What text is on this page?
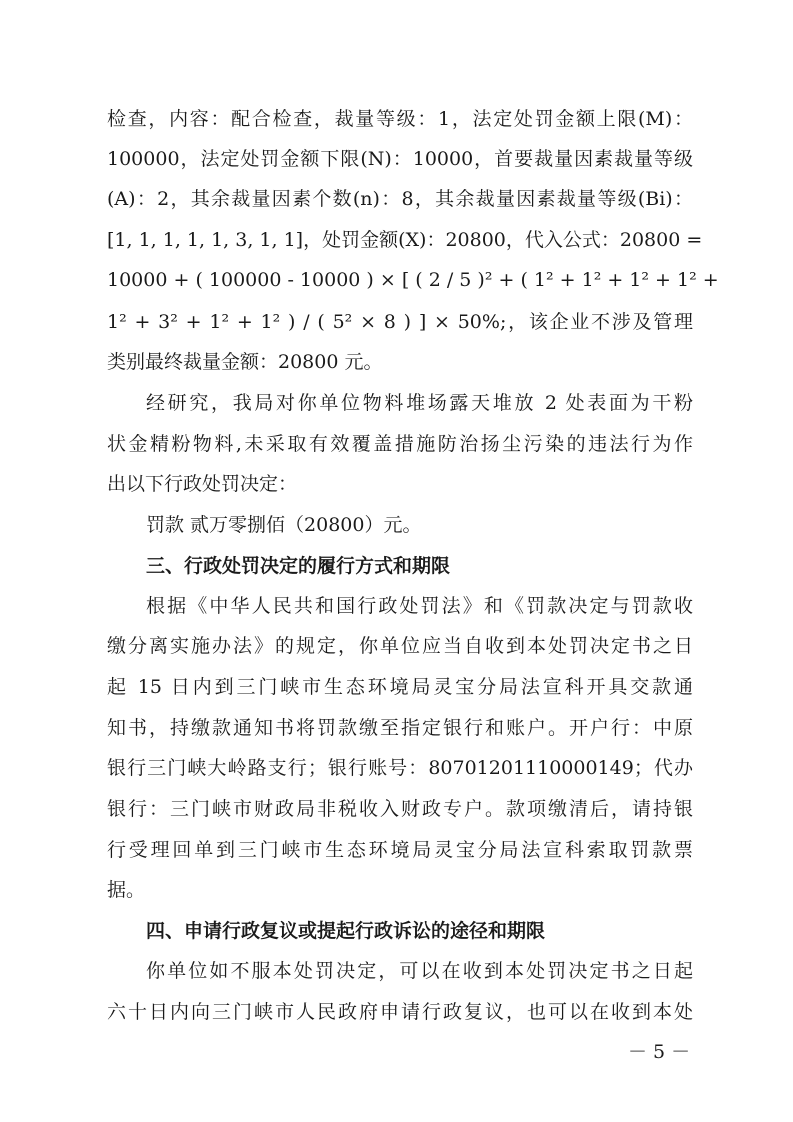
检查，内容：配合检查，裁量等级：1，法定处罚金额上限(M)：
100000，法定处罚金额下限(N)：10000，首要裁量因素裁量等级
(A)：2，其余裁量因素个数(n)：8，其余裁量因素裁量等级(Bi)：
[1, 1, 1, 1, 1, 3, 1, 1]，处罚金额(X)：20800，代入公式：20800 =
10000 + ( 100000 - 10000 ) × [ ( 2 / 5 )² + ( 1² + 1² + 1² + 1² +
1² + 3² + 1² + 1² ) / ( 5² × 8 ) ] × 50%;，该企业不涉及管理
类别最终裁量金额：20800 元。
经研究，我局对你单位物料堆场露天堆放 2 处表面为干粉
状金精粉物料,未采取有效覆盖措施防治扬尘污染的违法行为作
出以下行政处罚决定：
罚款 贰万零捌佰（20800）元。
三、行政处罚决定的履行方式和期限
根据《中华人民共和国行政处罚法》和《罚款决定与罚款收
缴分离实施办法》的规定，你单位应当自收到本处罚决定书之日
起 15 日内到三门峡市生态环境局灵宝分局法宣科开具交款通
知书，持缴款通知书将罚款缴至指定银行和账户。开户行：中原
银行三门峡大岭路支行；银行账号：80701201110000149；代办
银行：三门峡市财政局非税收入财政专户。款项缴清后，请持银
行受理回单到三门峡市生态环境局灵宝分局法宣科索取罚款票
据。
四、申请行政复议或提起行政诉讼的途径和期限
你单位如不服本处罚决定，可以在收到本处罚决定书之日起
六十日内向三门峡市人民政府申请行政复议，也可以在收到本处
－ 5 －
